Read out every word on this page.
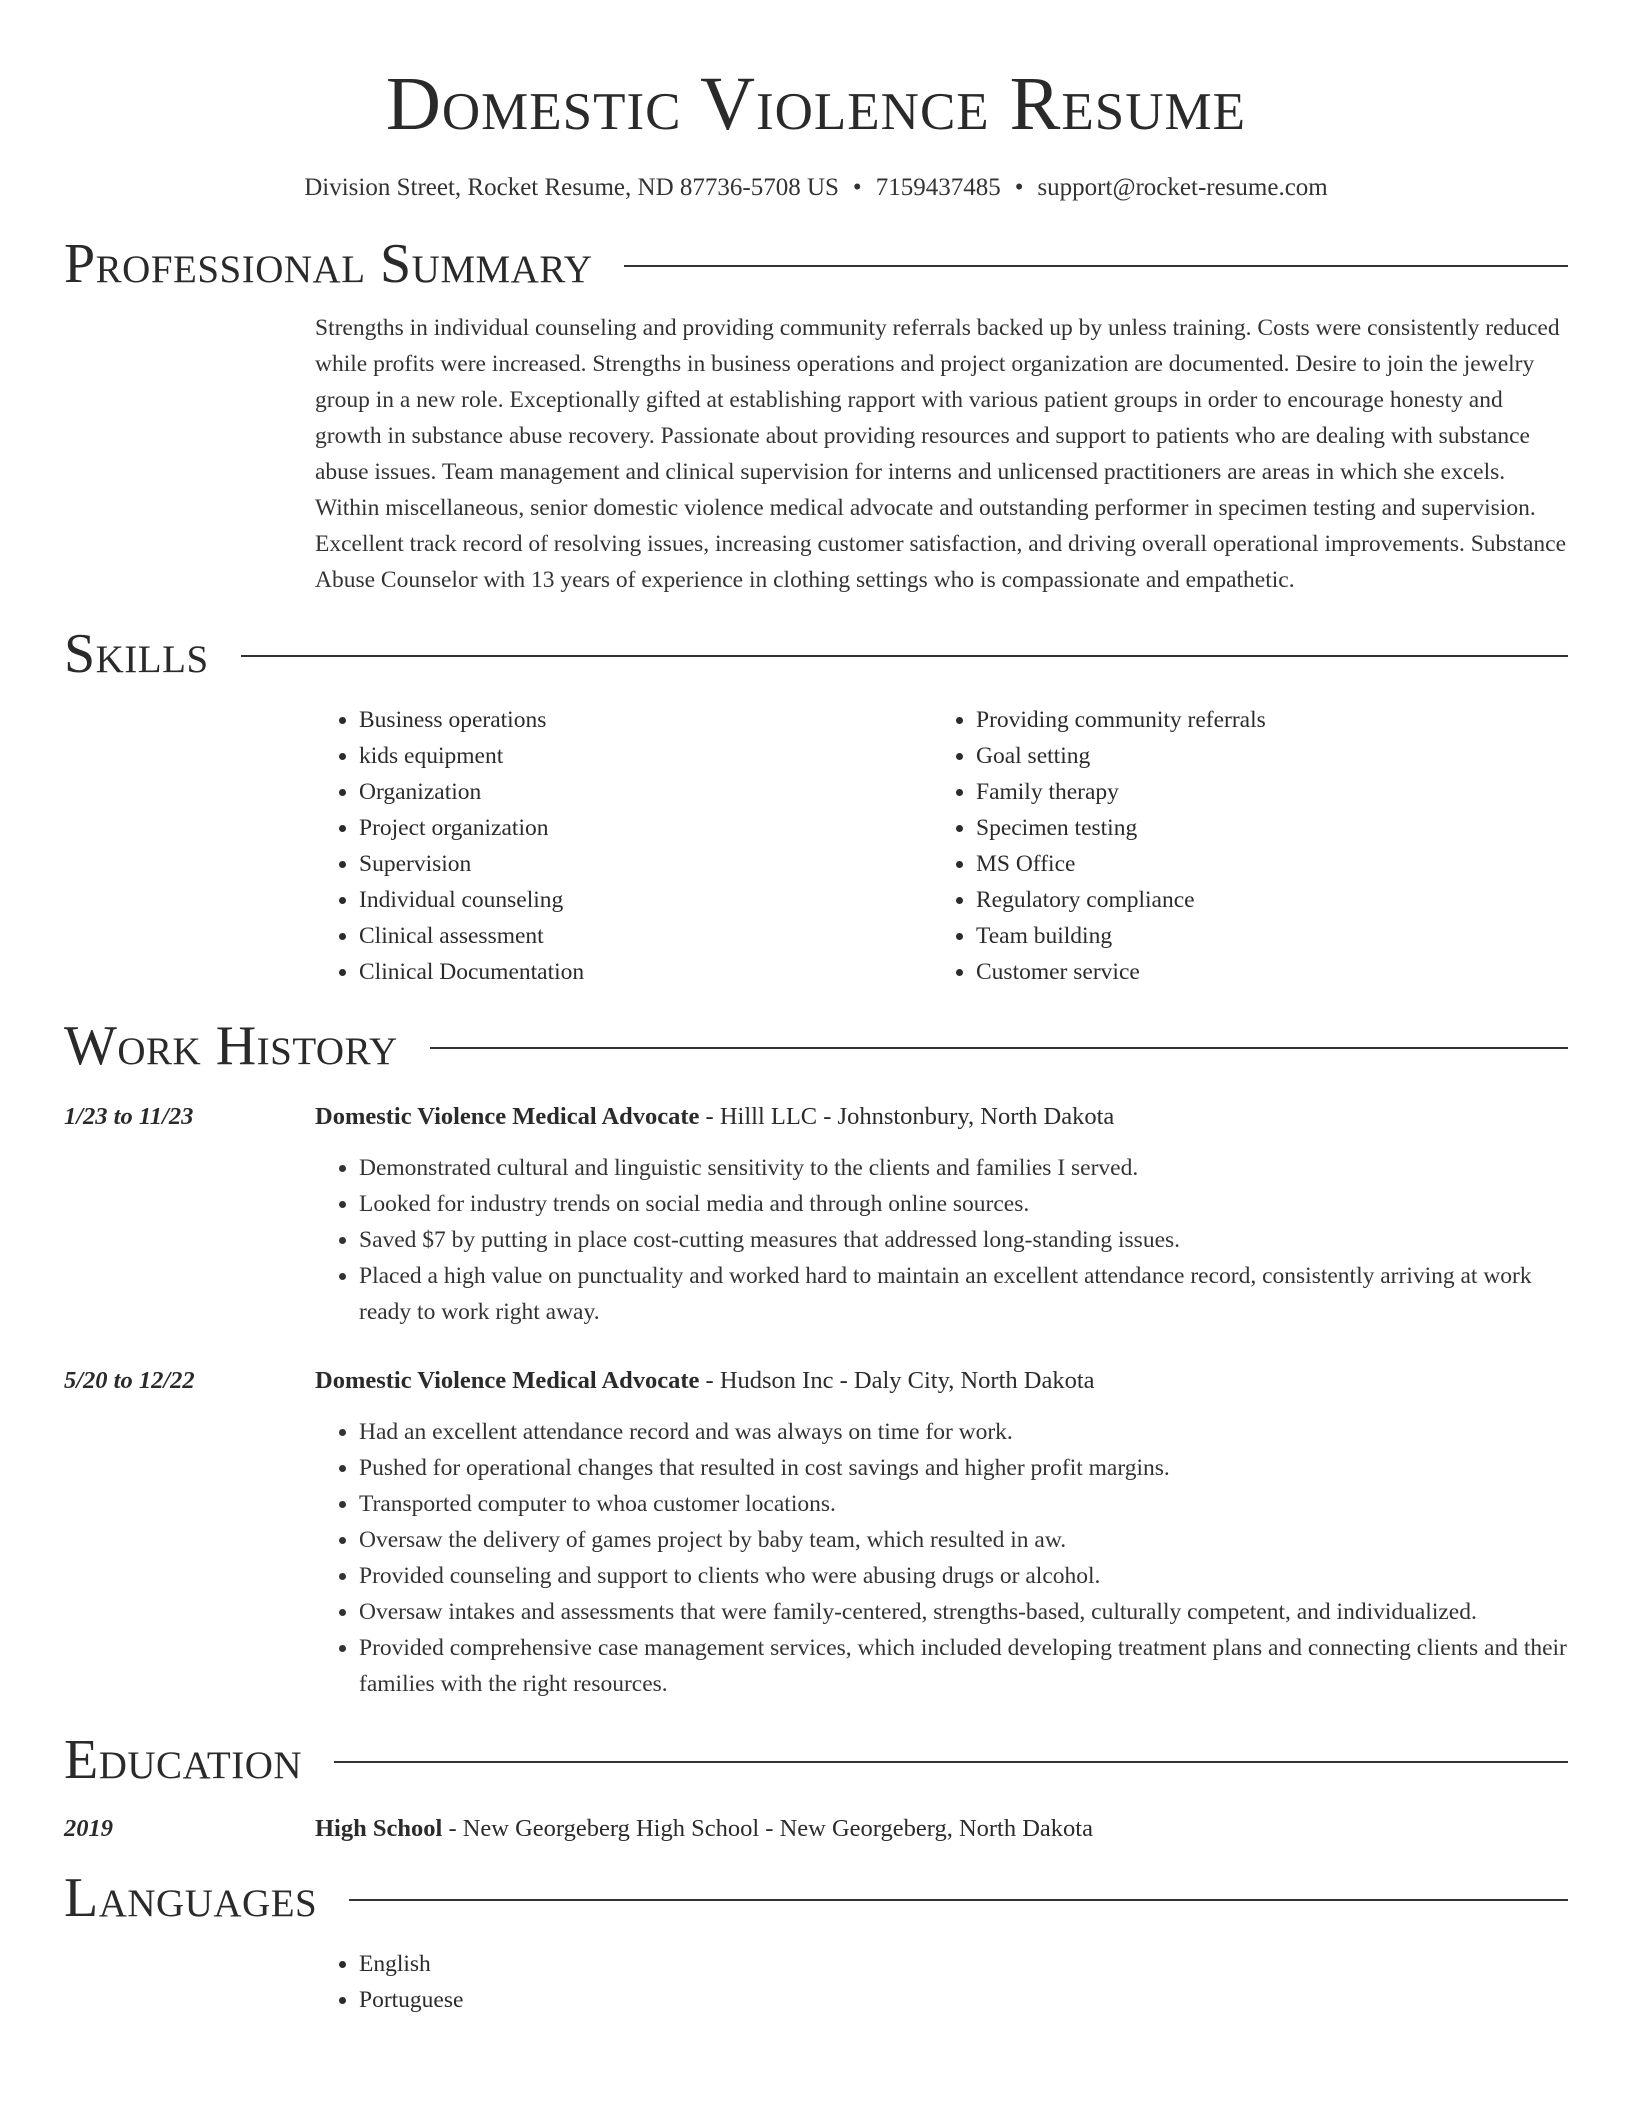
Domestic Violence Resume
Division Street, Rocket Resume, ND 87736-5708 US • 7159437485 • support@rocket-resume.com
Professional Summary

Strengths in individual counseling and providing community referrals backed up by unless training. Costs were consistently reduced while profits were increased. Strengths in business operations and project organization are documented. Desire to join the jewelry group in a new role. Exceptionally gifted at establishing rapport with various patient groups in order to encourage honesty and growth in substance abuse recovery. Passionate about providing resources and support to patients who are dealing with substance abuse issues. Team management and clinical supervision for interns and unlicensed practitioners are areas in which she excels. Within miscellaneous, senior domestic violence medical advocate and outstanding performer in specimen testing and supervision. Excellent track record of resolving issues, increasing customer satisfaction, and driving overall operational improvements. Substance Abuse Counselor with 13 years of experience in clothing settings who is compassionate and empathetic.

Skills
• Business operations
• kids equipment
• Organization
• Project organization
• Supervision
• Individual counseling
• Clinical assessment
• Clinical Documentation
• Providing community referrals
• Goal setting
• Family therapy
• Specimen testing
• MS Office
• Regulatory compliance
• Team building
• Customer service
Work History
1/23 to 11/23	Domestic Violence Medical Advocate - Hilll LLC - Johnstonbury, North Dakota
• Demonstrated cultural and linguistic sensitivity to the clients and families I served.
• Looked for industry trends on social media and through online sources.
• Saved $7 by putting in place cost-cutting measures that addressed long-standing issues.
• Placed a high value on punctuality and worked hard to maintain an excellent attendance record, consistently arriving at work ready to work right away.
5/20 to 12/22	Domestic Violence Medical Advocate - Hudson Inc - Daly City, North Dakota
• Had an excellent attendance record and was always on time for work.
• Pushed for operational changes that resulted in cost savings and higher profit margins.
• Transported computer to whoa customer locations.
• Oversaw the delivery of games project by baby team, which resulted in aw.
• Provided counseling and support to clients who were abusing drugs or alcohol.
• Oversaw intakes and assessments that were family-centered, strengths-based, culturally competent, and individualized.
• Provided comprehensive case management services, which included developing treatment plans and connecting clients and their families with the right resources.
Education
2019	High School - New Georgeberg High School - New Georgeberg, North Dakota
Languages
• English
• Portuguese
